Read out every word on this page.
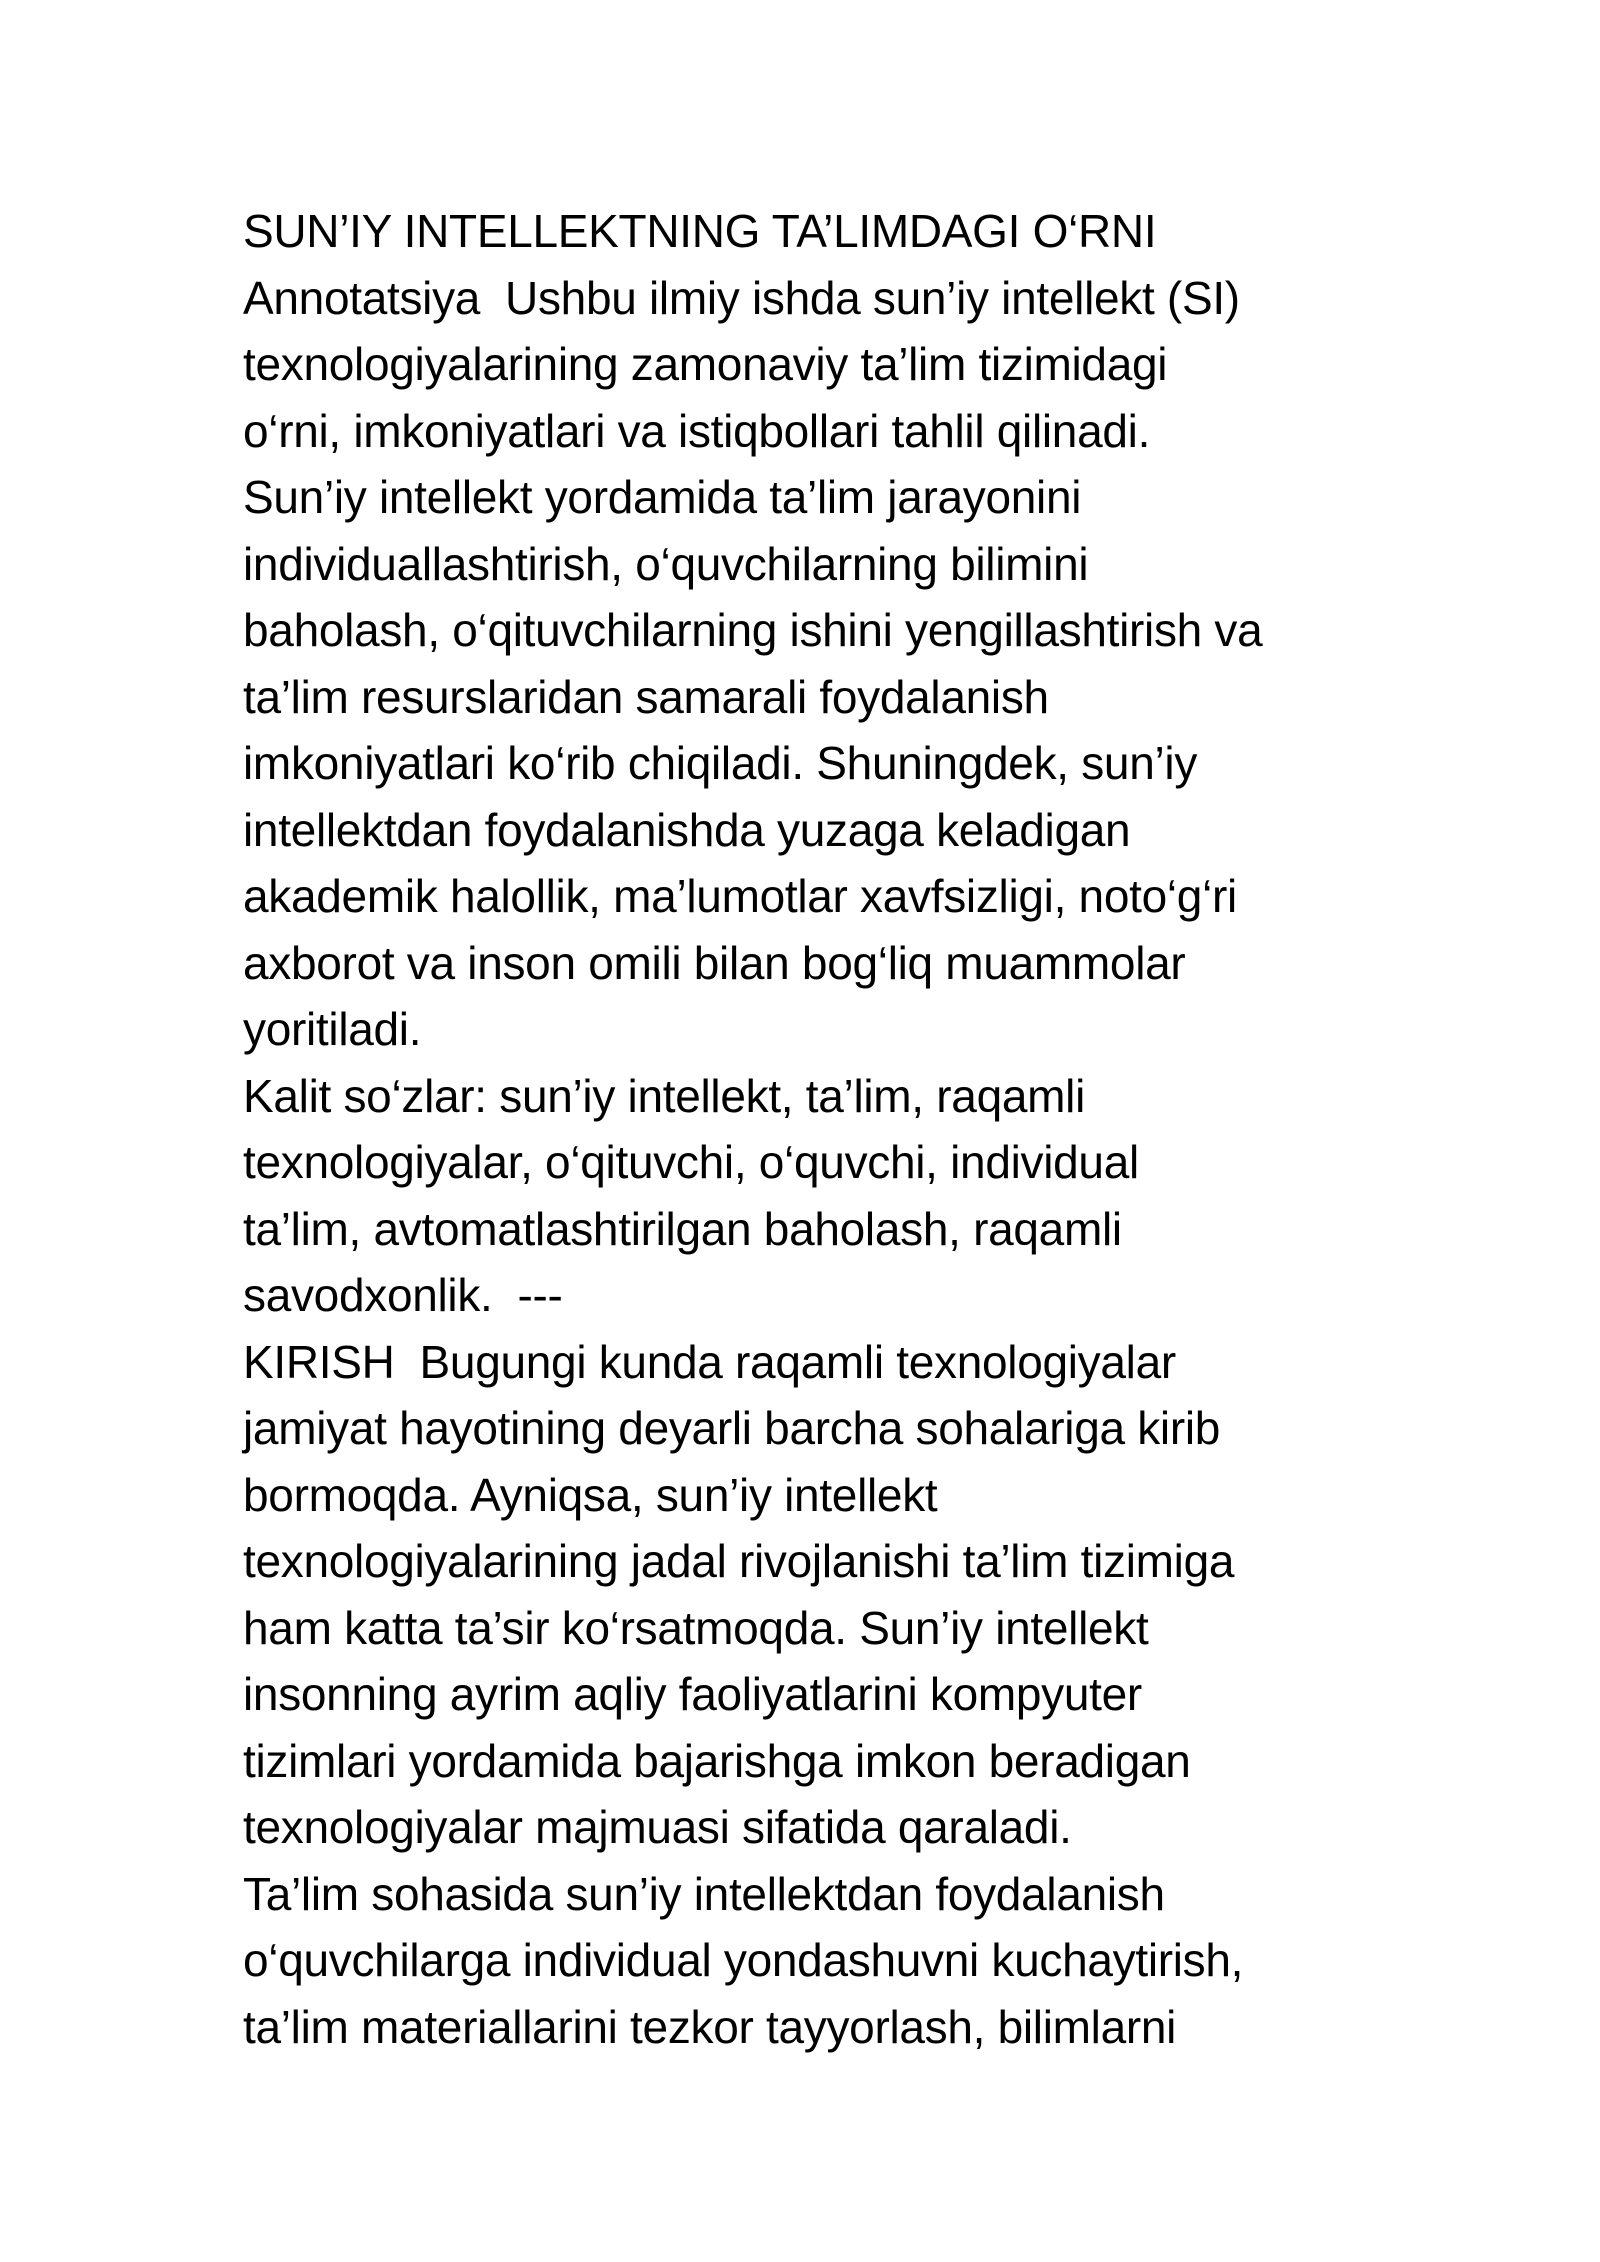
SUN’IY INTELLEKTNING TA’LIMDAGI O‘RNI
Annotatsiya  Ushbu ilmiy ishda sun’iy intellekt (SI)
texnologiyalarining zamonaviy ta’lim tizimidagi
o‘rni, imkoniyatlari va istiqbollari tahlil qilinadi.
Sun’iy intellekt yordamida ta’lim jarayonini
individuallashtirish, o‘quvchilarning bilimini
baholash, o‘qituvchilarning ishini yengillashtirish va
ta’lim resurslaridan samarali foydalanish
imkoniyatlari ko‘rib chiqiladi. Shuningdek, sun’iy
intellektdan foydalanishda yuzaga keladigan
akademik halollik, ma’lumotlar xavfsizligi, noto‘g‘ri
axborot va inson omili bilan bog‘liq muammolar
yoritiladi.
Kalit so‘zlar: sun’iy intellekt, ta’lim, raqamli
texnologiyalar, o‘qituvchi, o‘quvchi, individual
ta’lim, avtomatlashtirilgan baholash, raqamli
savodxonlik.  ---
KIRISH  Bugungi kunda raqamli texnologiyalar
jamiyat hayotining deyarli barcha sohalariga kirib
bormoqda. Ayniqsa, sun’iy intellekt
texnologiyalarining jadal rivojlanishi ta’lim tizimiga
ham katta ta’sir ko‘rsatmoqda. Sun’iy intellekt
insonning ayrim aqliy faoliyatlarini kompyuter
tizimlari yordamida bajarishga imkon beradigan
texnologiyalar majmuasi sifatida qaraladi.
Ta’lim sohasida sun’iy intellektdan foydalanish
o‘quvchilarga individual yondashuvni kuchaytirish,
ta’lim materiallarini tezkor tayyorlash, bilimlarni
